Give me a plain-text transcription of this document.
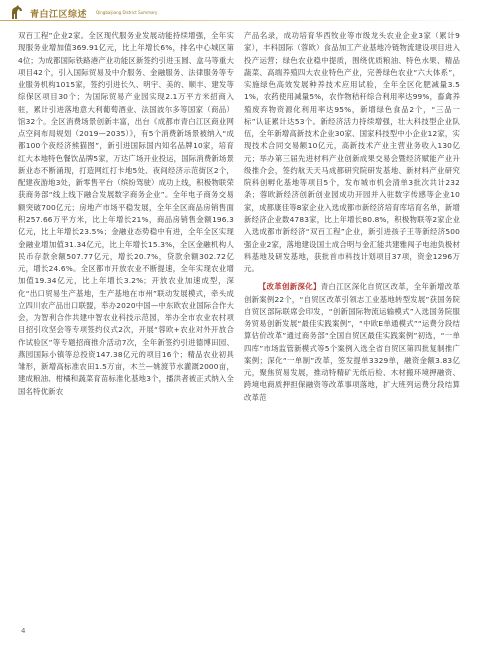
青白江区综述 Qingbaijiang District Summary

双百工程”企业2家。全区现代服务业发展动能持续增强，全年实现服务业增加值369.91亿元，比上年增长6%，排名中心城区第4位；为成都国际铁路港产业功能区新签约引进玉圆、盒马等重大项目42个，引入国际贸易及中介服务、金融服务、法律服务等专业服务机构1015家，签约引进长久、明宇、美的、顺丰、建发等综保区项目30个；为国际贸易产业园实现2.1万平方米招商入驻，累计引进落地意大利葡萄酒业、法国波尔多等国家（商品）馆32个。全区消费场景创新丰富，出台《成都市青白江区商业网点空间布局规划（2019—2035）》，有5个消费新场景被纳入“成都100个夜经济熊猫图”，新引进国际国内知名品牌10家，培育红大本地特色餐饮品牌5家，万达广场开业投运，国际消费新场景新业态不断涌现，打造网红打卡地5处、夜间经济示范街区2个，配建夜游地3处，新零售平台（缤纷驾驶）成功上线，积极物联荣获商务部“线上线下融合发展数字商务企业”。全年电子商务交易额突破700亿元；房地产市场平稳发展，全年全区商品房销售面积257.66万平方米，比上年增长21%，商品房销售金额196.3亿元，比上年增长23.5%；金融业态势稳中有进，全年全区实现金融业增加值31.34亿元，比上年增长15.3%，全区金融机构人民币存款余额507.77亿元，增长20.7%，贷款余额302.72亿元，增长24.6%。全区都市开放农业不断提速，全年实现农业增加值19.34亿元，比上年增长3.2%；开放农业加速成型，深化“出口贸易生产基地，生产基地在市州”联动发展模式，牵头成立四川农产品出口联盟，举办2020中国—中东欧农业国际合作大会，为智利合作共建中智农业科技示范园，举办全市农业农村项目招引攻坚会等专项签约仪式2次，开展“蓉欧+农业对外开放合作试验区”等专题招商推介活动7次，全年新签约引进德博田园、燕园国际小镇等总投资147.38亿元的项目16个；精品农业初具雏形，新增高标准农田1.5万亩，木兰—姚渡节水灌溉2000亩，建成粮油、柑橘和蔬菜育苗标准化基地3个，播洪者被正式纳入全国名特优新农

产品名录，成功培育华西牧业等市级龙头农业企业3家（累计9家），丰科国际（蓉欧）食品加工产业基地冷链物流建设项目进入投产运营；绿色农业稳中提质，围绕优质粮油、特色水果、精品蔬菜、高端养殖四大农业特色产业，完善绿色农业“六大体系”，实施绿色高效发展种养技术应用试验，全年全区化肥减量3.51%，农药使用减量5%，农作物秸秆综合利用率达99%，畜禽养殖废弃物资源化利用率达95%，新增绿色食品2个，“三品一标”认证累计达53个。新经济活力持续增强，壮大科技型企业队伍，全年新增高新技术企业30家、国家科技型中小企业12家，实现技术合同交易额10亿元，高新技术产业主营业务收入130亿元；举办第三届先进材料产业创新成果交易会暨经济赋能产业升级推介会，签约航天天马成都研究院研发基地、新材料产业研究院科创孵化基地等项目5个，发布城市机会清单3批次共计232条；蓉欧新经济创新创业园成功开园并入驻数字传感等企业10家，成都康佳等8家企业入选成都市新经济培育库培育名单，新增新经济企业数4783家，比上年增长80.8%，积极物联等2家企业入选成都市新经济“双百工程”企业，新引进孩子王等新经济500强企业2家，落地建设国土成合明与金汇能共建雅闯子电池负极材料基地及研发基地，获批首市科技计划项目37项，资金1296万元。

【改革创新深化】青白江区深化自贸区改革，全年新增改革创新案例22个，“自贸区改革引领志工业基地转型发展”获国务院自贸区部际联席会印发，“创新国际物流运输模式”入选国务院服务贸易创新发展“最佳实践案例”，“中欧E单通模式”“运费分段结算估价改革”通过商务部“全国自贸区最佳实践案例”初选，“一单四库”市场监管新模式等5个案例入选全省自贸区第四批复制推广案例；深化“一单制”改革，签发提单3329单，融资金额3.83亿元，聚焦贸易发展，推动特精矿无纸后检、木材搬环境押融资、跨境电商质押担保融资等改革事项落地，扩大班列运费分段结算改革范

4
